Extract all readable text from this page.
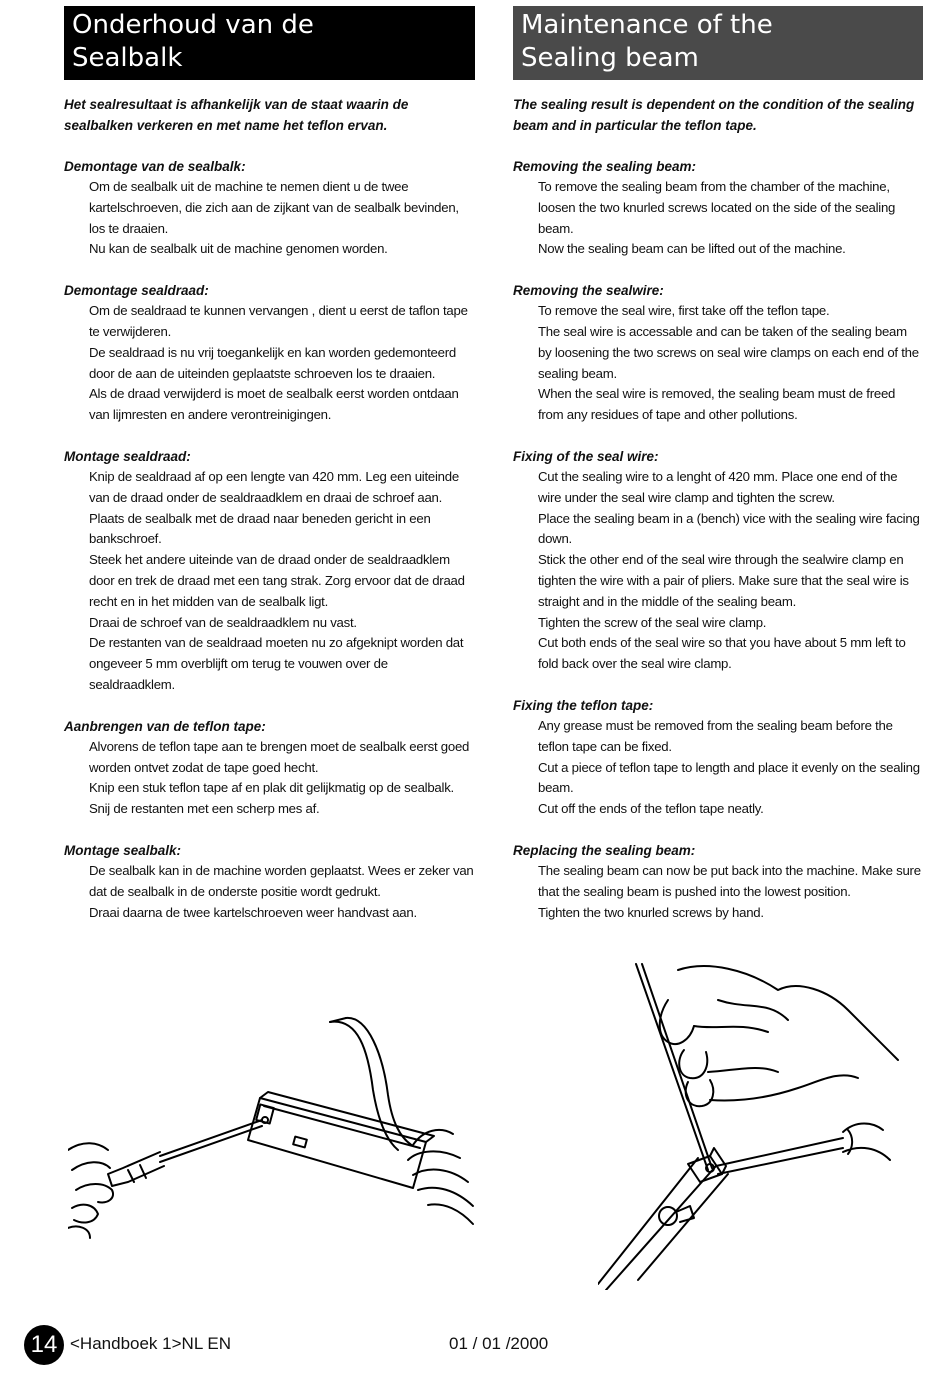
Onderhoud van de
Sealbalk
Het sealresultaat is afhankelijk van de staat waarin de sealbalken verkeren en met name het teflon ervan.
Demontage van de sealbalk:

Om de sealbalk uit de machine te nemen dient u de twee kartelschroeven, die zich aan de zijkant van de sealbalk bevinden, los te draaien.

Nu kan de sealbalk uit de machine genomen worden.

Demontage sealdraad:

Om de sealdraad te kunnen vervangen , dient u eerst de taflon tape te verwijderen.

De sealdraad is nu vrij toegankelijk en kan worden gedemonteerd door de aan de uiteinden geplaatste schroeven los te draaien.

Als de draad verwijderd is moet de sealbalk eerst worden ontdaan van lijmresten en andere verontreinigingen.

Montage sealdraad:

Knip de sealdraad af op een lengte van 420 mm. Leg een uiteinde van de draad onder de sealdraadklem en draai de schroef aan.

Plaats de sealbalk met de draad naar beneden gericht in een bankschroef.

Steek het andere uiteinde van de draad onder de sealdraadklem door en trek de draad met een tang strak. Zorg ervoor dat de draad recht en in het midden van de sealbalk ligt.

Draai de schroef van de sealdraadklem nu vast.

De restanten van de sealdraad moeten nu zo afgeknipt worden dat ongeveer 5 mm overblijft om terug te vouwen over de sealdraadklem.

Aanbrengen van de teflon tape:

Alvorens de teflon tape aan te brengen moet de sealbalk eerst goed worden ontvet zodat de tape goed hecht.

Knip een stuk teflon tape af en plak dit gelijkmatig op de sealbalk.

Snij de restanten met een scherp mes af.

Montage sealbalk:

De sealbalk kan in de machine worden geplaatst. Wees er zeker van dat de sealbalk in de onderste positie wordt gedrukt.

Draai daarna de twee kartelschroeven weer handvast aan.

Maintenance of the
Sealing beam
The sealing result is dependent on the condition of the sealing beam and in particular the teflon tape.
Removing the sealing beam:

To remove the sealing beam from the chamber of the machine, loosen the two knurled screws located on the side of the sealing beam.

Now the sealing beam can be lifted out of the machine.

Removing the sealwire:

To remove the seal wire, first take off the teflon tape.

The seal wire is accessable and can be taken of the sealing beam by loosening the two screws on seal wire clamps on each end of the sealing beam.

When the seal wire is removed, the sealing beam must de freed from any residues of tape and other pollutions.

Fixing of the seal wire:

Cut the sealing wire to a lenght of 420 mm. Place one end of the wire under the seal wire clamp and tighten the screw.

Place the sealing beam in a (bench) vice with the sealing wire facing down.

Stick the other end of the seal wire through the sealwire clamp en tighten the wire with a pair of pliers. Make sure that the seal wire is straight and in the middle of the sealing beam.

Tighten the screw of the seal wire clamp.

Cut both ends of the seal wire so that you have about 5 mm left to fold back over the seal wire clamp.

Fixing the teflon tape:

Any grease must be removed from the sealing beam before the teflon tape can be fixed.

Cut a piece of teflon tape to length and place it evenly on the sealing beam.

Cut off the ends of the teflon tape neatly.

Replacing the sealing beam:

The sealing beam can now be put back into the machine. Make sure that the sealing beam is pushed into the lowest position.

Tighten the two knurled screws by hand.

14 <Handboek 1>NL EN	01 / 01 /2000
